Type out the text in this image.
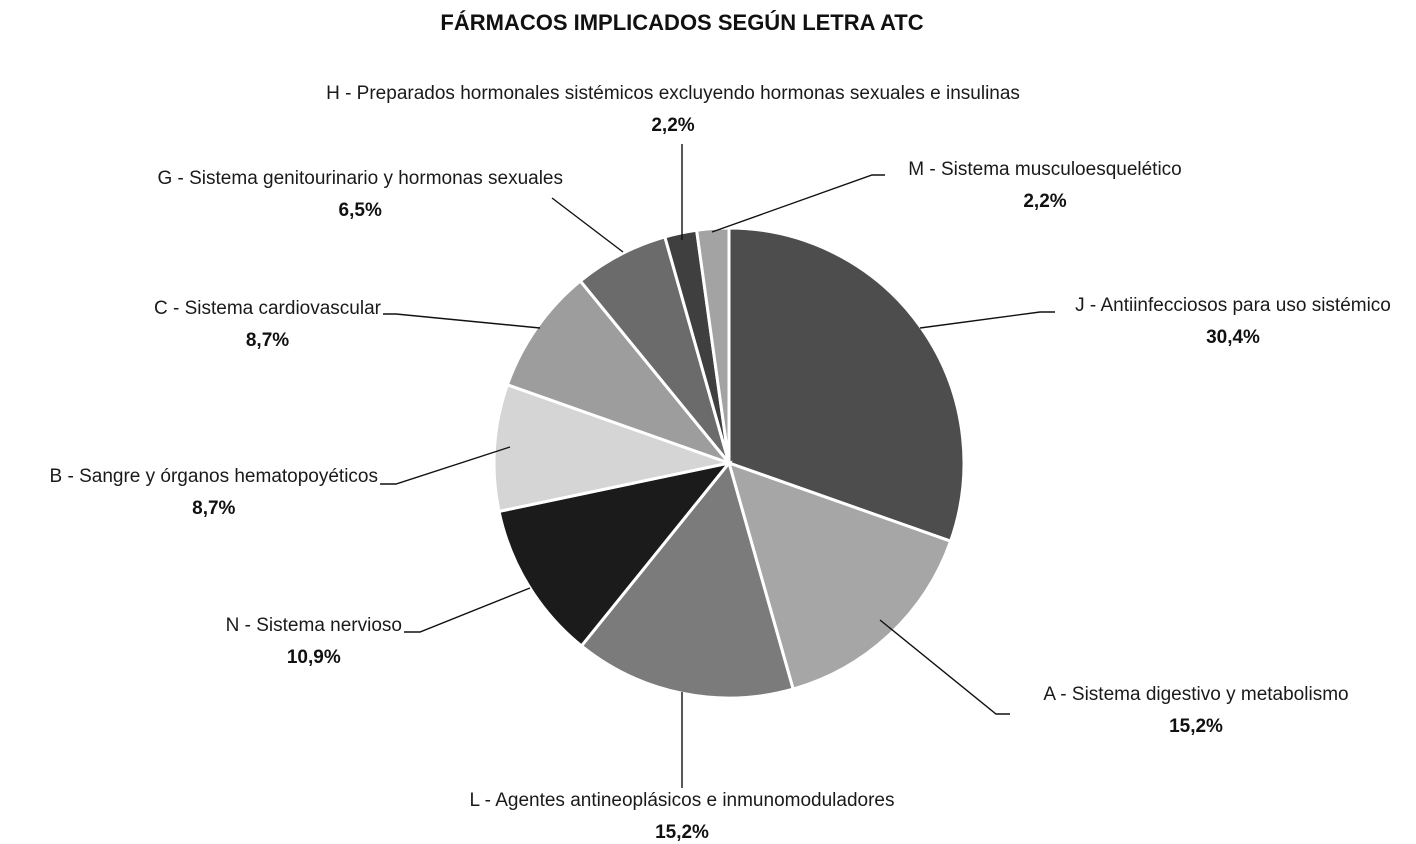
FÁRMACOS IMPLICADOS SEGÚN LETRA ATC
J - Antiinfecciosos para uso sistémico
30,4%
A - Sistema digestivo y metabolismo
15,2%
L - Agentes antineoplásicos e inmunomoduladores
15,2%
N - Sistema nervioso
10,9%
B - Sangre y órganos hematopoyéticos
8,7%
C - Sistema cardiovascular
8,7%
G - Sistema genitourinario y hormonas sexuales
6,5%
H - Preparados hormonales sistémicos excluyendo hormonas sexuales e insulinas
2,2%
M - Sistema musculoesquelético
2,2%
